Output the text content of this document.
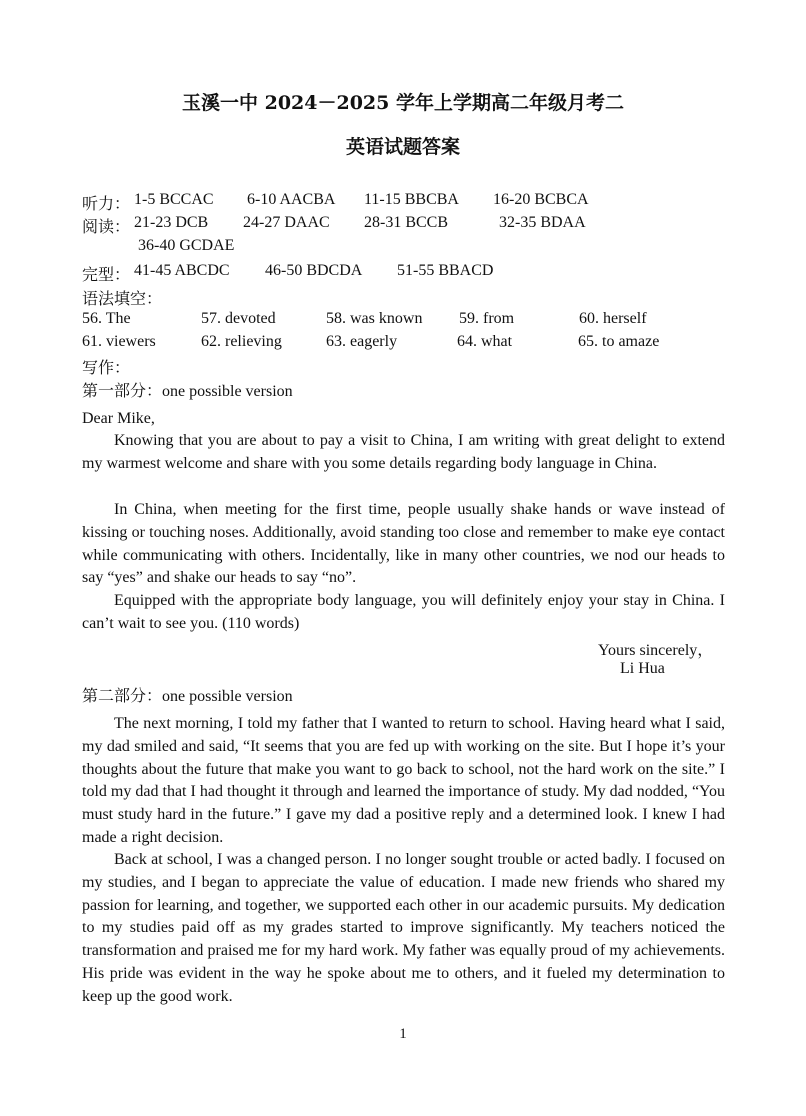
玉溪一中 2024－2025 学年上学期高二年级月考二
英语试题答案
听力： 1-5 BCCAC 6-10 AACBA 11-15 BBCBA 16-20 BCBCA
阅读： 21-23 DCB 24-27 DAAC 28-31 BCCB	32-35 BDAA
36-40 GCDAE
完型： 41-45 ABCDC 46-50 BDCDA 51-55 BBACD
语法填空：
56. The	57. devoted	58. was known 59. from	60. herself
61. viewers	62. relieving	63. eagerly	64. what	65. to amaze
写作：
第一部分：one possible version
Dear Mike,
Knowing that you are about to pay a visit to China, I am writing with great delight to extend my warmest welcome and share with you some details regarding body language in China.
In China, when meeting for the first time, people usually shake hands or wave instead of kissing or touching noses. Additionally, avoid standing too close and remember to make eye contact while communicating with others. Incidentally, like in many other countries, we nod our heads to say “yes” and shake our heads to say “no”.
Equipped with the appropriate body language, you will definitely enjoy your stay in China. I can’t wait to see you. (110 words)
Yours sincerely，
Li Hua
第二部分：one possible version
The next morning, I told my father that I wanted to return to school. Having heard what I said, my dad smiled and said, “It seems that you are fed up with working on the site. But I hope it’s your thoughts about the future that make you want to go back to school, not the hard work on the site.” I told my dad that I had thought it through and learned the importance of study. My dad nodded, “You must study hard in the future.” I gave my dad a positive reply and a determined look. I knew I had made a right decision.
Back at school, I was a changed person. I no longer sought trouble or acted badly. I focused on my studies, and I began to appreciate the value of education. I made new friends who shared my passion for learning, and together, we supported each other in our academic pursuits. My dedication to my studies paid off as my grades started to improve significantly. My teachers noticed the transformation and praised me for my hard work. My father was equally proud of my achievements. His pride was evident in the way he spoke about me to others, and it fueled my determination to keep up the good work.
1
